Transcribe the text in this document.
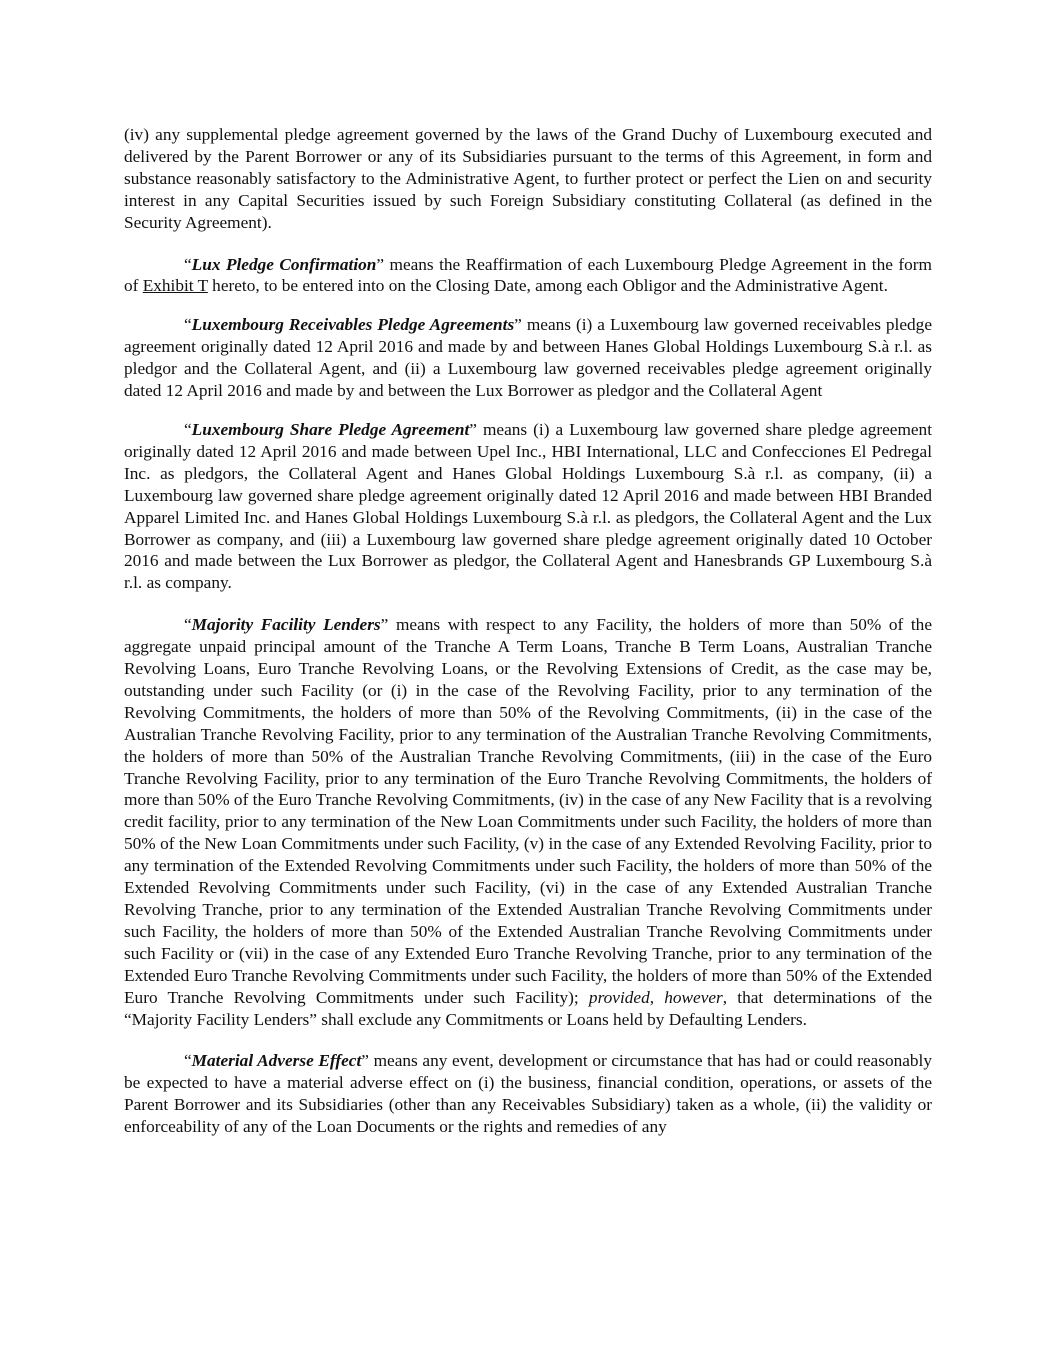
(iv) any supplemental pledge agreement governed by the laws of the Grand Duchy of Luxembourg executed and delivered by the Parent Borrower or any of its Subsidiaries pursuant to the terms of this Agreement, in form and substance reasonably satisfactory to the Administrative Agent, to further protect or perfect the Lien on and security interest in any Capital Securities issued by such Foreign Subsidiary constituting Collateral (as defined in the Security Agreement).

“Lux Pledge Confirmation” means the Reaffirmation of each Luxembourg Pledge Agreement in the form of Exhibit T hereto, to be entered into on the Closing Date, among each Obligor and the Administrative Agent.

“Luxembourg Receivables Pledge Agreements” means (i) a Luxembourg law governed receivables pledge agreement originally dated 12 April 2016 and made by and between Hanes Global Holdings Luxembourg S.à r.l. as pledgor and the Collateral Agent, and (ii) a Luxembourg law governed receivables pledge agreement originally dated 12 April 2016 and made by and between the Lux Borrower as pledgor and the Collateral Agent

“Luxembourg Share Pledge Agreement” means (i) a Luxembourg law governed share pledge agreement originally dated 12 April 2016 and made between Upel Inc., HBI International, LLC and Confecciones El Pedregal Inc. as pledgors, the Collateral Agent and Hanes Global Holdings Luxembourg S.à r.l. as company, (ii) a Luxembourg law governed share pledge agreement originally dated 12 April 2016 and made between HBI Branded Apparel Limited Inc. and Hanes Global Holdings Luxembourg S.à r.l. as pledgors, the Collateral Agent and the Lux Borrower as company, and (iii) a Luxembourg law governed share pledge agreement originally dated 10 October 2016 and made between the Lux Borrower as pledgor, the Collateral Agent and Hanesbrands GP Luxembourg S.à r.l. as company.

“Majority Facility Lenders” means with respect to any Facility, the holders of more than 50% of the aggregate unpaid principal amount of the Tranche A Term Loans, Tranche B Term Loans, Australian Tranche Revolving Loans, Euro Tranche Revolving Loans, or the Revolving Extensions of Credit, as the case may be, outstanding under such Facility (or (i) in the case of the Revolving Facility, prior to any termination of the Revolving Commitments, the holders of more than 50% of the Revolving Commitments, (ii) in the case of the Australian Tranche Revolving Facility, prior to any termination of the Australian Tranche Revolving Commitments, the holders of more than 50% of the Australian Tranche Revolving Commitments, (iii) in the case of the Euro Tranche Revolving Facility, prior to any termination of the Euro Tranche Revolving Commitments, the holders of more than 50% of the Euro Tranche Revolving Commitments, (iv) in the case of any New Facility that is a revolving credit facility, prior to any termination of the New Loan Commitments under such Facility, the holders of more than 50% of the New Loan Commitments under such Facility, (v) in the case of any Extended Revolving Facility, prior to any termination of the Extended Revolving Commitments under such Facility, the holders of more than 50% of the Extended Revolving Commitments under such Facility, (vi) in the case of any Extended Australian Tranche Revolving Tranche, prior to any termination of the Extended Australian Tranche Revolving Commitments under such Facility, the holders of more than 50% of the Extended Australian Tranche Revolving Commitments under such Facility or (vii) in the case of any Extended Euro Tranche Revolving Tranche, prior to any termination of the Extended Euro Tranche Revolving Commitments under such Facility, the holders of more than 50% of the Extended Euro Tranche Revolving Commitments under such Facility); provided, however, that determinations of the “Majority Facility Lenders” shall exclude any Commitments or Loans held by Defaulting Lenders.

“Material Adverse Effect” means any event, development or circumstance that has had or could reasonably be expected to have a material adverse effect on (i) the business, financial condition, operations, or assets of the Parent Borrower and its Subsidiaries (other than any Receivables Subsidiary) taken as a whole, (ii) the validity or enforceability of any of the Loan Documents or the rights and remedies of any
